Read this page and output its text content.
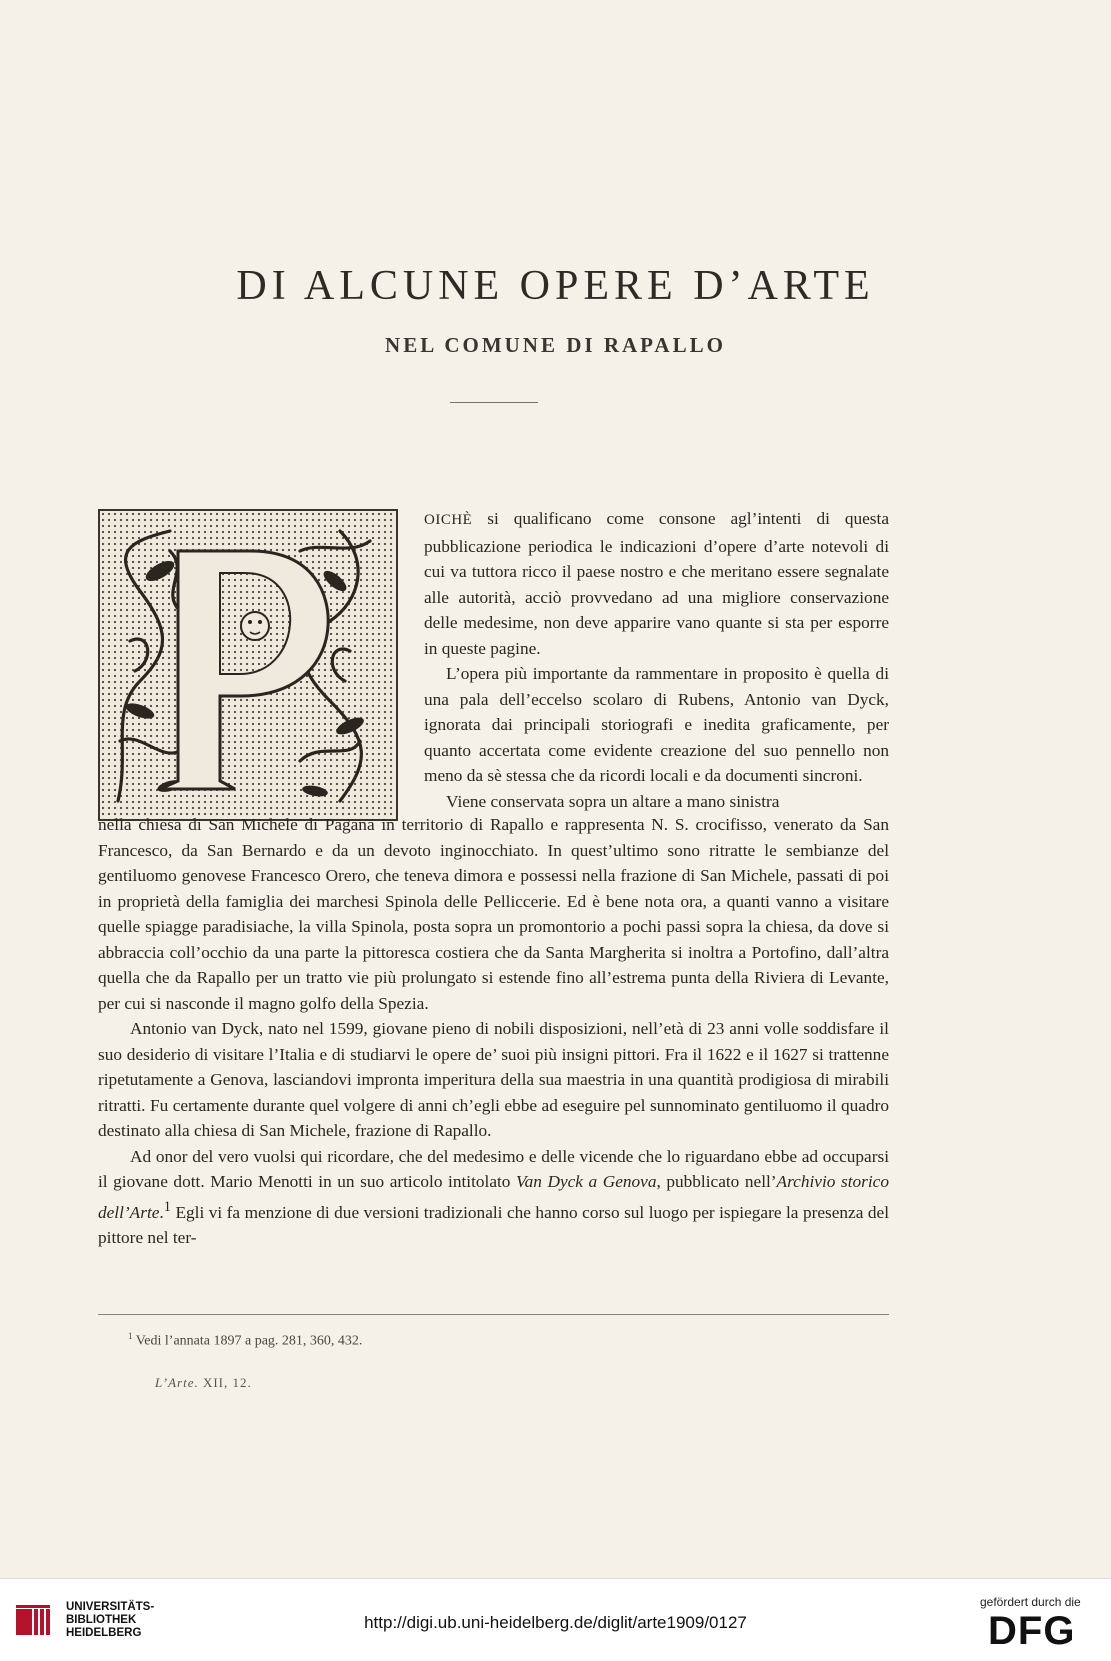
DI ALCUNE OPERE D’ARTE
NEL COMUNE DI RAPALLO

OICHÈ si qualificano come consone agl’intenti di questa pubblicazione periodica le indicazioni d’opere d’arte notevoli di cui va tuttora ricco il paese nostro e che meritano essere segnalate alle autorità, acciò provvedano ad una migliore conservazione delle medesime, non deve apparire vano quante si sta per esporre in queste pagine.

L’opera più importante da rammentare in proposito è quella di una pala dell’eccelso scolaro di Rubens, Antonio van Dyck, ignorata dai principali storiografi e inedita graficamente, per quanto accertata come evidente creazione del suo pennello non meno da sè stessa che da ricordi locali e da documenti sincroni.

Viene conservata sopra un altare a mano sinistra

nella chiesa di San Michele di Pagana in territorio di Rapallo e rappresenta N. S. crocifisso, venerato da San Francesco, da San Bernardo e da un devoto inginocchiato. In quest’ultimo sono ritratte le sembianze del gentiluomo genovese Francesco Orero, che teneva dimora e possessi nella frazione di San Michele, passati di poi in proprietà della famiglia dei marchesi Spinola delle Pelliccerie. Ed è bene nota ora, a quanti vanno a visitare quelle spiagge paradisiache, la villa Spinola, posta sopra un promontorio a pochi passi sopra la chiesa, da dove si abbraccia coll’occhio da una parte la pittoresca costiera che da Santa Margherita si inoltra a Portofino, dall’altra quella che da Rapallo per un tratto vie più prolungato si estende fino all’estrema punta della Riviera di Levante, per cui si nasconde il magno golfo della Spezia.

Antonio van Dyck, nato nel 1599, giovane pieno di nobili disposizioni, nell’età di 23 anni volle soddisfare il suo desiderio di visitare l’Italia e di studiarvi le opere de’ suoi più insigni pittori. Fra il 1622 e il 1627 si trattenne ripetutamente a Genova, lasciandovi impronta imperitura della sua maestria in una quantità prodigiosa di mirabili ritratti. Fu certamente durante quel volgere di anni ch’egli ebbe ad eseguire pel sunnominato gentiluomo il quadro destinato alla chiesa di San Michele, frazione di Rapallo.

Ad onor del vero vuolsi qui ricordare, che del medesimo e delle vicende che lo riguardano ebbe ad occuparsi il giovane dott. Mario Menotti in un suo articolo intitolato Van Dyck a Genova, pubblicato nell’Archivio storico dell’Arte.$^1$ Egli vi fa menzione di due versioni tradizionali che hanno corso sul luogo per ispiegare la presenza del pittore nel ter-

$^1$ Vedi l’annata 1897 a pag. 281, 360, 432.
L’Arte. XII, 12.
UNIVERSITÄTS-
BIBLIOTHEK
HEIDELBERG
http://digi.ub.uni-heidelberg.de/diglit/arte1909/0127
gefördert durch die
DFG
